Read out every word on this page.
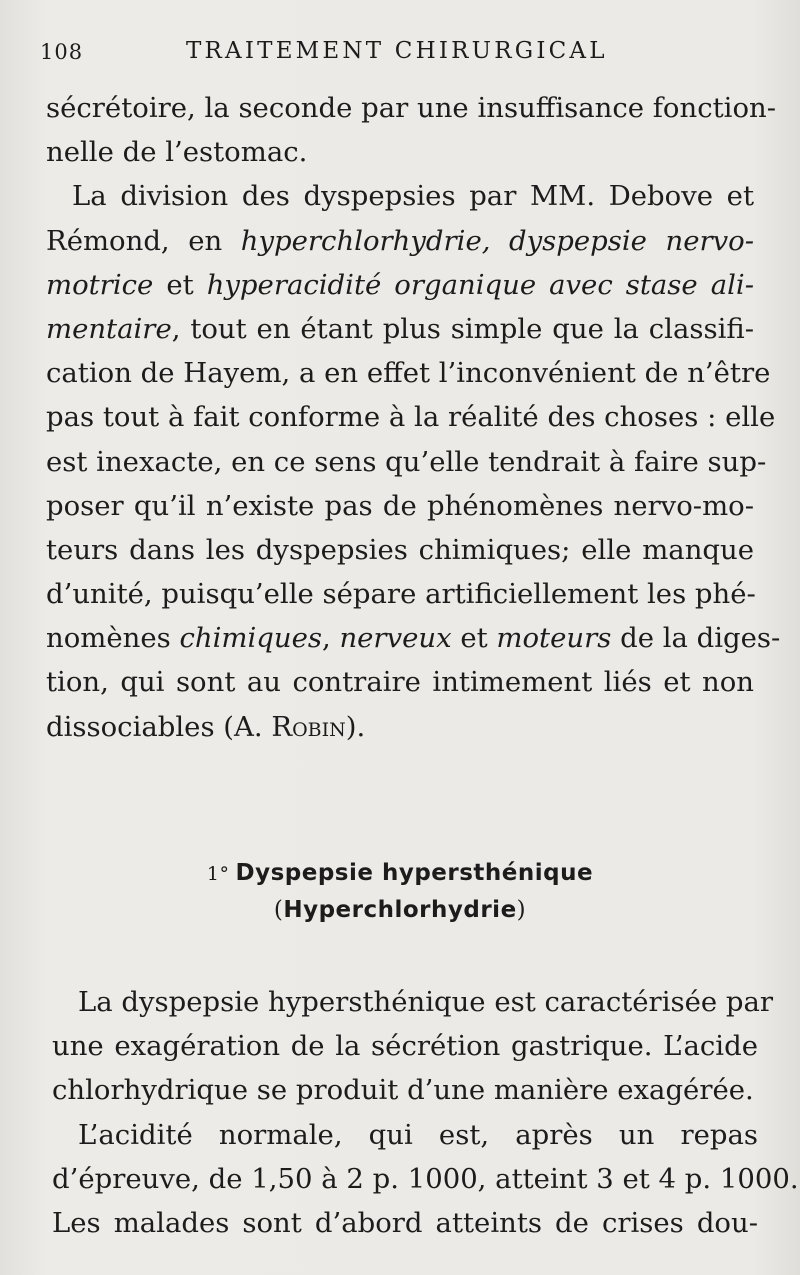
108	TRAITEMENT CHIRURGICAL
sécrétoire, la seconde par une insuffisance fonction-
nelle de l’estomac.
La division des dyspepsies par MM. Debove et
Rémond, en hyperchlorhydrie, dyspepsie nervo-
motrice et hyperacidité organique avec stase ali-
mentaire, tout en étant plus simple que la classifi-
cation de Hayem, a en effet l’inconvénient de n’être
pas tout à fait conforme à la réalité des choses : elle
est inexacte, en ce sens qu’elle tendrait à faire sup-
poser qu’il n’existe pas de phénomènes nervo-mo-
teurs dans les dyspepsies chimiques; elle manque
d’unité, puisqu’elle sépare artificiellement les phé-
nomènes chimiques, nerveux et moteurs de la diges-
tion, qui sont au contraire intimement liés et non
dissociables (A. Robin).
1° Dyspepsie hypersthénique
(Hyperchlorhydrie)
La dyspepsie hypersthénique est caractérisée par
une exagération de la sécrétion gastrique. L’acide
chlorhydrique se produit d’une manière exagérée.
L’acidité normale, qui est, après un repas
d’épreuve, de 1,50 à 2 p. 1000, atteint 3 et 4 p. 1000.
Les malades sont d’abord atteints de crises dou-
